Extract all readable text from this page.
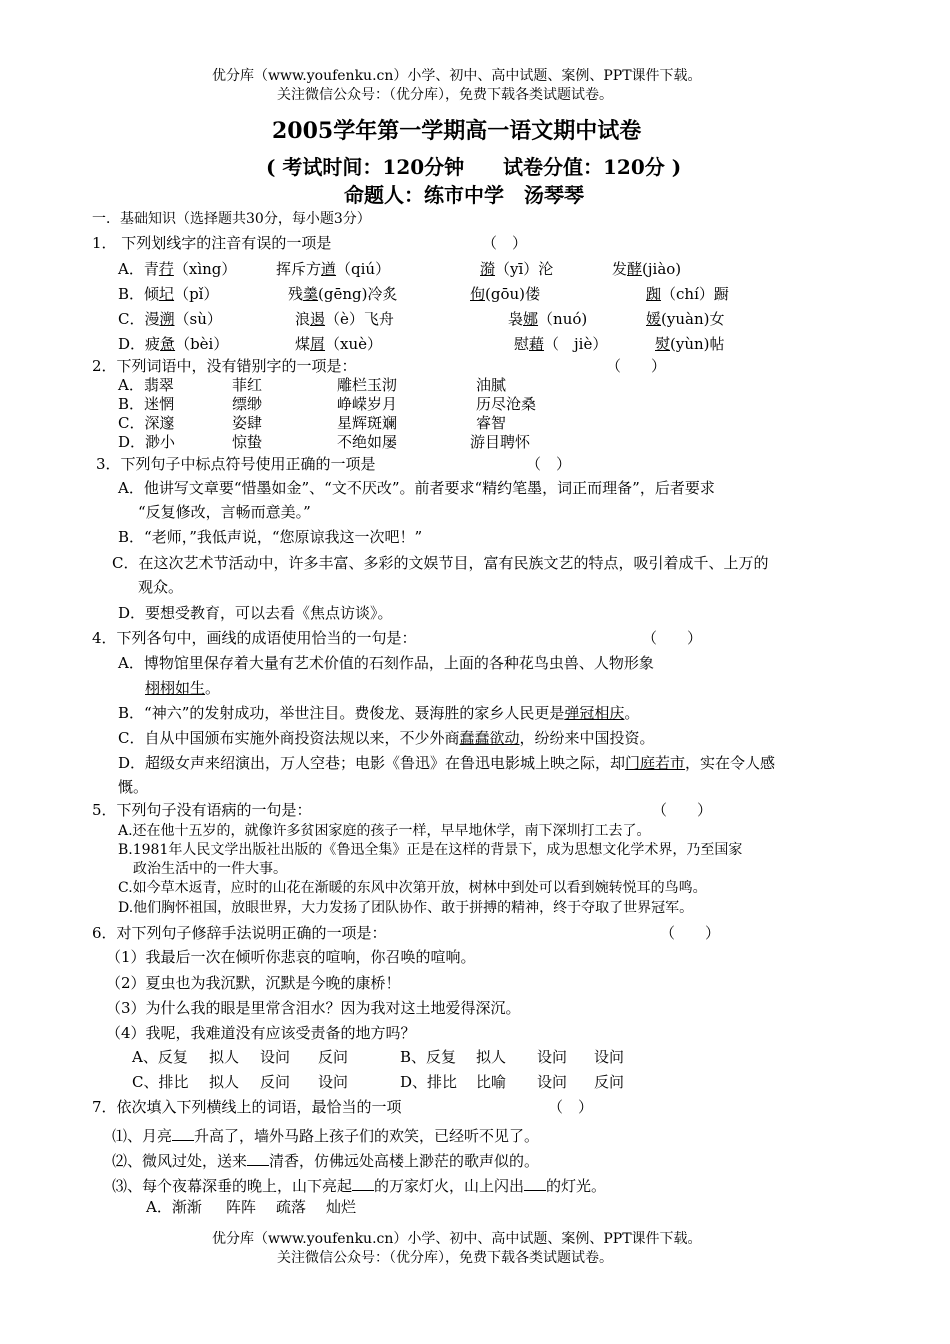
优分库（www.youfenku.cn）小学、初中、高中试题、案例、PPT课件下载。
关注微信公众号：（优分库），免费下载各类试题试卷。
2005学年第一学期高一语文期中试卷
( 考试时间：120分钟 试卷分值：120分 )
命题人：练市中学　汤琴琴
一．基础知识（选择题共30分，每小题3分）
1． 下列划线字的注音有误的一项是	（　）
A．青荇（xìng）	挥斥方遒（qiú）	漪（yī）沦	发酵(jiào)
B．倾圮（pǐ）	残羹(gēng)冷炙	佝(gōu)偻	踟（chí）蹰
C．漫溯（sù）	浪遏（è）飞舟	袅娜（nuó)	媛(yuàn)女
D．疲惫（bèi）	煤屑（xuè）	慰藉（　jiè）	熨(yùn)帖
2．下列词语中，没有错别字的一项是：	（　　）
A．翡翠	菲红	雕栏玉沏	油腻
B．迷惘	缥缈	峥嵘岁月	历尽沧桑
C．深邃	姿肆	星辉斑斓	睿智
D．渺小	惊蛰	不绝如屡	游目聘怀
3．下列句子中标点符号使用正确的一项是	（　）
A．他讲写文章要“惜墨如金”、“文不厌改”。前者要求“精约笔墨，词正而理备”，后者要求
“反复修改，言畅而意美。”
B．“老师，”我低声说，“您原谅我这一次吧！”
C．在这次艺术节活动中，许多丰富、多彩的文娱节目，富有民族文艺的特点，吸引着成千、上万的
观众。
D．要想受教育，可以去看《焦点访谈》。
4．下列各句中，画线的成语使用恰当的一句是：	（　　）
A．博物馆里保存着大量有艺术价值的石刻作品，上面的各种花鸟虫兽、人物形象
栩栩如生。
B．“神六”的发射成功，举世注目。费俊龙、聂海胜的家乡人民更是弹冠相庆。
C．自从中国颁布实施外商投资法规以来，不少外商蠢蠢欲动，纷纷来中国投资。
D．超级女声来绍演出，万人空巷；电影《鲁迅》在鲁迅电影城上映之际，却门庭若市，实在令人感
慨。
5．下列句子没有语病的一句是：	（　　）
A.还在他十五岁的，就像许多贫困家庭的孩子一样，早早地休学，南下深圳打工去了。
B.1981年人民文学出版社出版的《鲁迅全集》正是在这样的背景下，成为思想文化学术界，乃至国家
政治生活中的一件大事。
C.如今草木返青，应时的山花在渐暖的东风中次第开放，树林中到处可以看到婉转悦耳的鸟鸣。
D.他们胸怀祖国，放眼世界，大力发扬了团队协作、敢于拼搏的精神，终于夺取了世界冠军。
6．对下列句子修辞手法说明正确的一项是：	（　　）
（1）我最后一次在倾听你悲哀的喧响，你召唤的喧响。
（2）夏虫也为我沉默，沉默是今晚的康桥！
（3）为什么我的眼是里常含泪水？因为我对这土地爱得深沉。
（4）我呢，我难道没有应该受责备的地方吗？
A、反复 拟人 设问 反问	B、反复 拟人 设问 设问
C、排比 拟人 反问 设问	D、排比 比喻 设问 反问
7．依次填入下列横线上的词语，最恰当的一项	（　）
⑴、月亮 升高了，墙外马路上孩子们的欢笑，已经听不见了。
⑵、微风过处，送来 清香，仿佛远处高楼上渺茫的歌声似的。
⑶、每个夜幕深垂的晚上，山下亮起 的万家灯火，山上闪出 的灯光。
A．渐渐 阵阵 疏落 灿烂
优分库（www.youfenku.cn）小学、初中、高中试题、案例、PPT课件下载。
关注微信公众号：（优分库），免费下载各类试题试卷。
